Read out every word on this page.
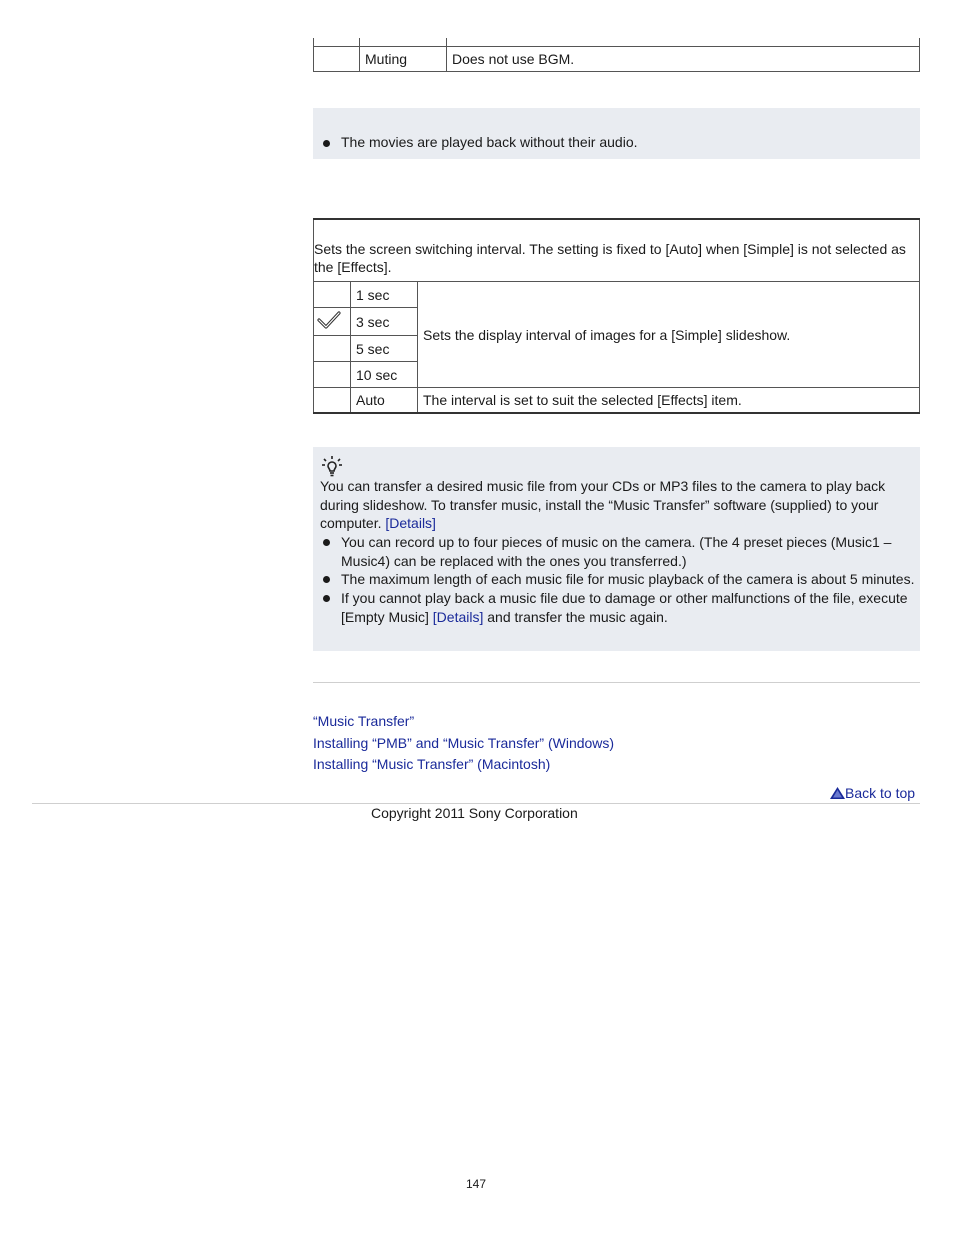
	Muting	Does not use BGM.
The movies are played back without their audio.
Sets the screen switching interval. The setting is fixed to [Auto] when [Simple] is not selected as the [Effects].		
	1 sec	Sets the display interval of images for a [Simple] slideshow.
	3 sec	
	5 sec	
	10 sec	
	Auto	The interval is set to suit the selected [Effects] item.
You can transfer a desired music file from your CDs or MP3 files to the camera to play back during slideshow. To transfer music, install the “Music Transfer” software (supplied) to your computer. [Details]
You can record up to four pieces of music on the camera. (The 4 preset pieces (Music1 – Music4) can be replaced with the ones you transferred.)
The maximum length of each music file for music playback of the camera is about 5 minutes.
If you cannot play back a music file due to damage or other malfunctions of the file, execute [Empty Music] [Details] and transfer the music again.
“Music Transfer”
Installing “PMB” and “Music Transfer” (Windows)
Installing “Music Transfer” (Macintosh)
Back to top
Copyright 2011 Sony Corporation
147
